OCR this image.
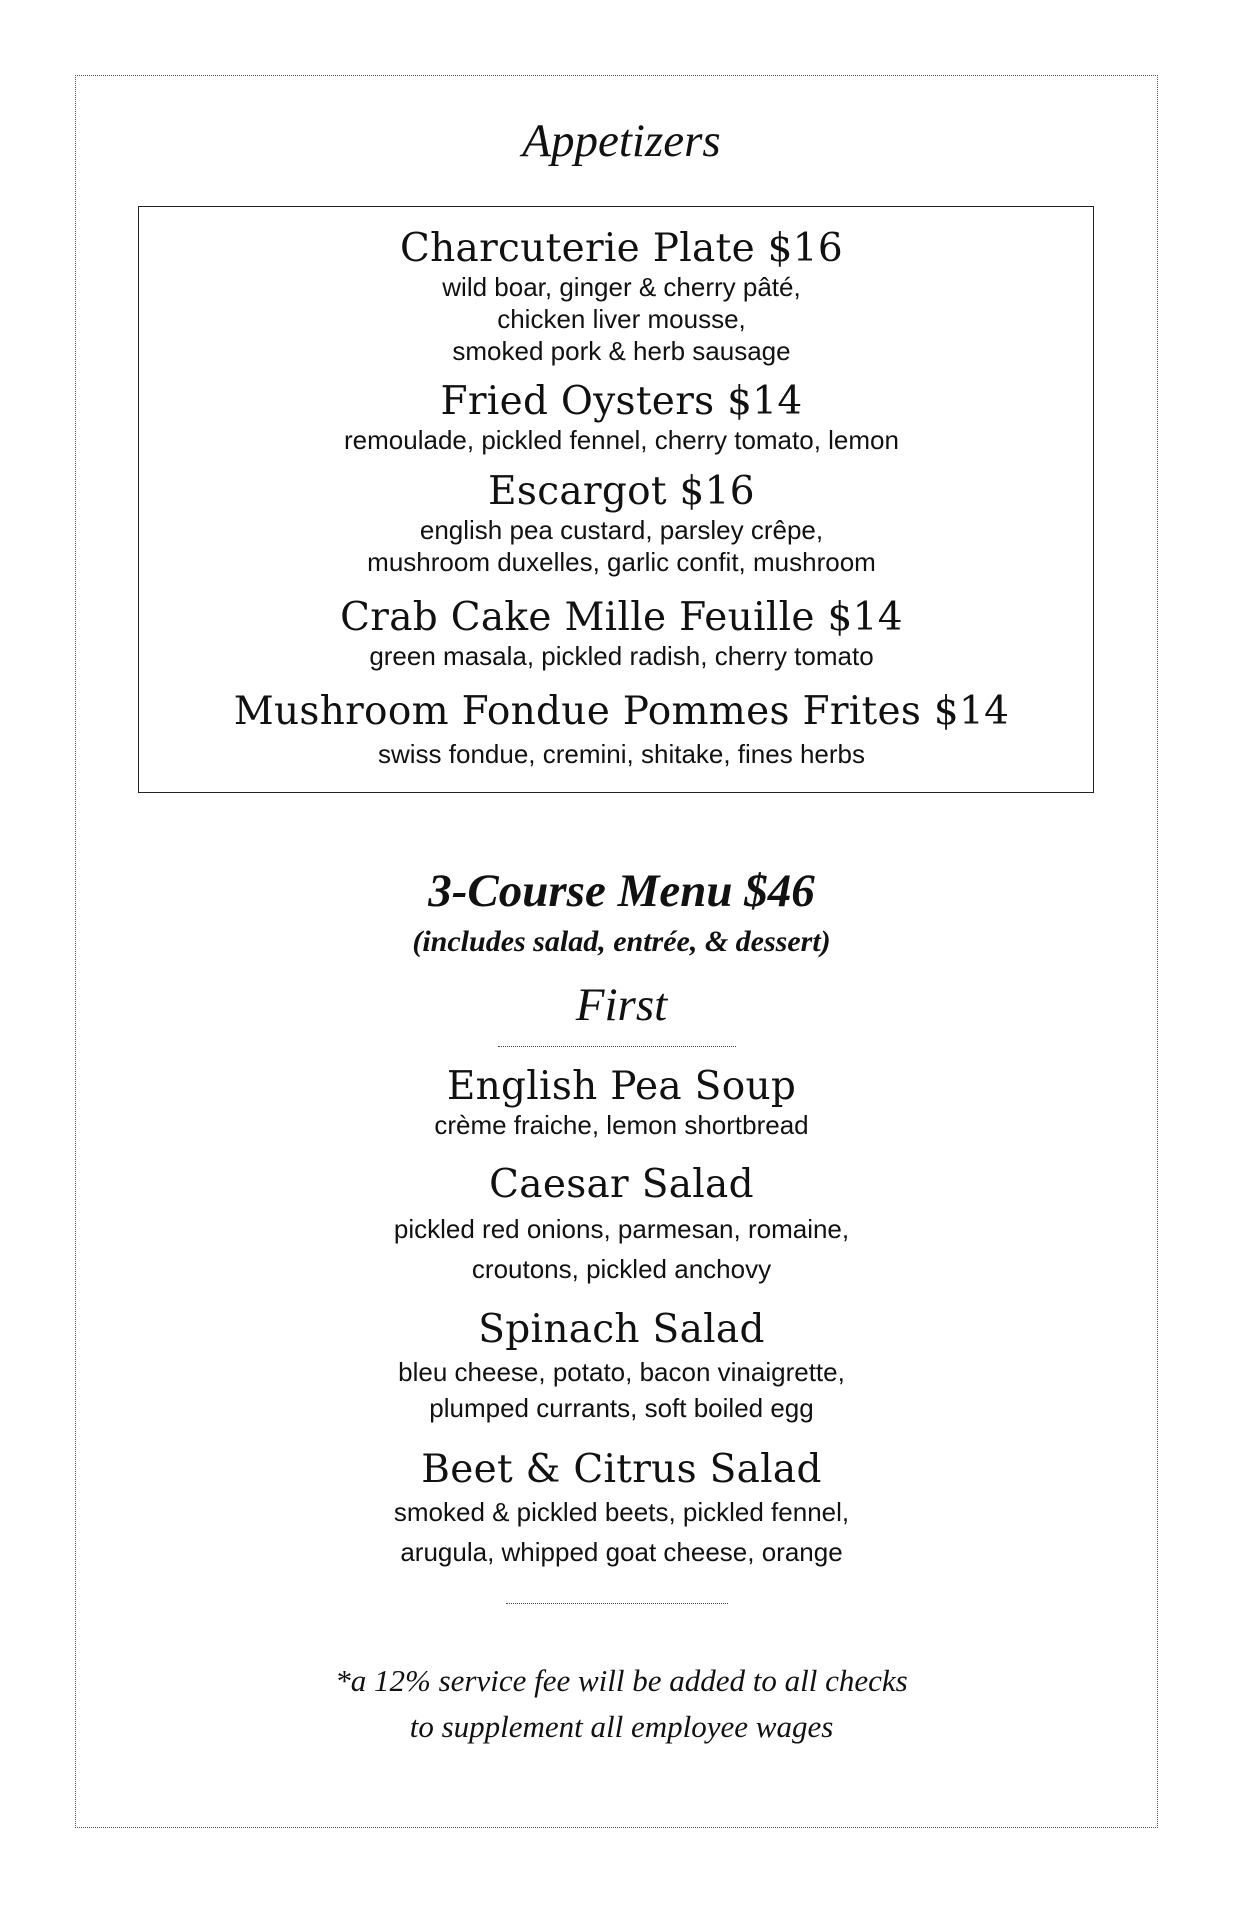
Appetizers
Charcuterie Plate $16
wild boar, ginger & cherry pâté,
chicken liver mousse,
smoked pork & herb sausage
Fried Oysters $14
remoulade, pickled fennel, cherry tomato, lemon
Escargot $16
english pea custard, parsley crêpe,
mushroom duxelles, garlic confit, mushroom
Crab Cake Mille Feuille $14
green masala, pickled radish, cherry tomato
Mushroom Fondue Pommes Frites $14
swiss fondue, cremini, shitake, fines herbs
3-Course Menu $46
(includes salad, entrée, & dessert)
First
English Pea Soup
crème fraiche, lemon shortbread
Caesar Salad
pickled red onions, parmesan, romaine,
croutons, pickled anchovy
Spinach Salad
bleu cheese, potato, bacon vinaigrette,
plumped currants, soft boiled egg
Beet & Citrus Salad
smoked & pickled beets, pickled fennel,
arugula, whipped goat cheese, orange
*a 12% service fee will be added to all checks
to supplement all employee wages
